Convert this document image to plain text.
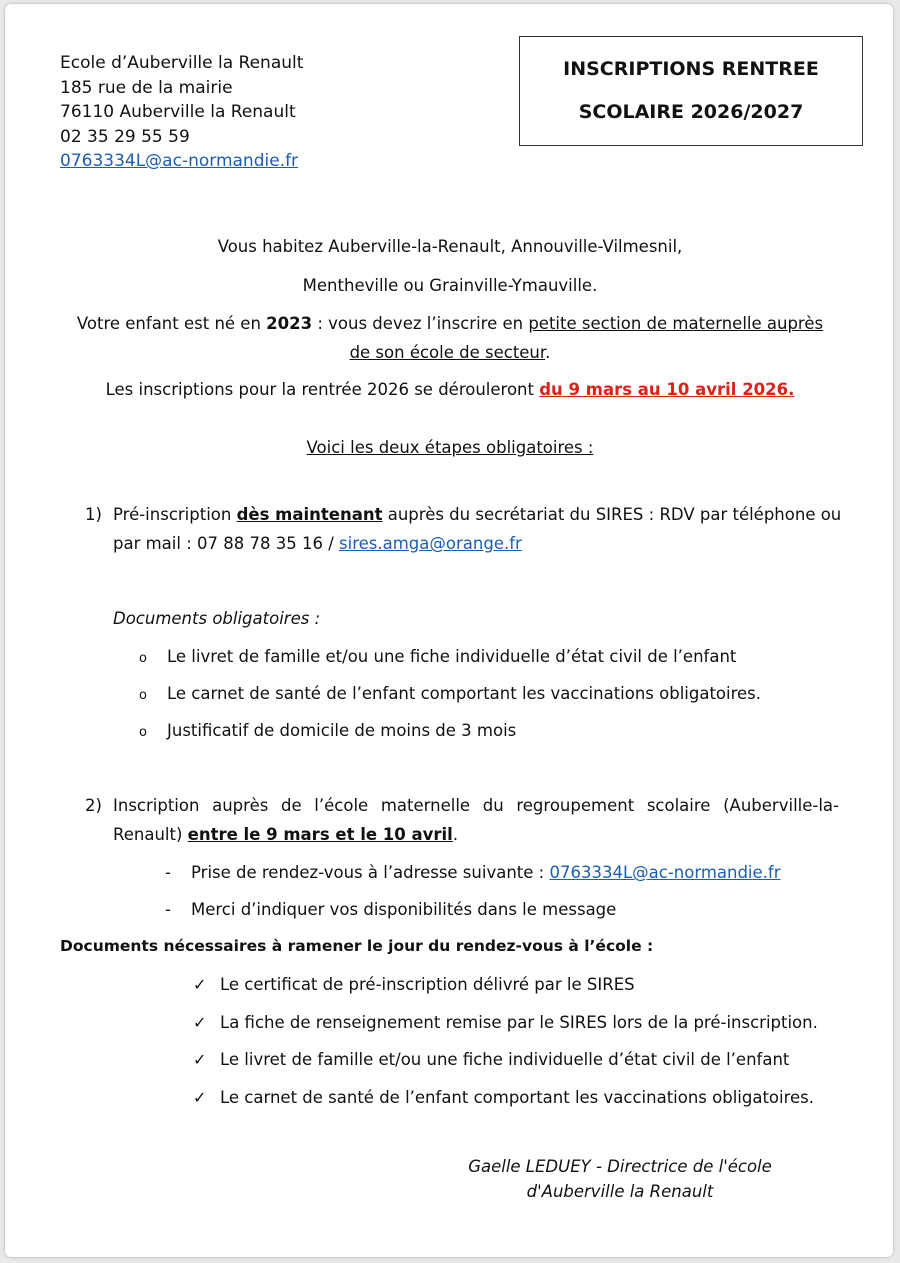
Ecole d’Auberville la Renault
185 rue de la mairie
76110 Auberville la Renault
02 35 29 55 59
0763334L@ac-normandie.fr
INSCRIPTIONS RENTREE
SCOLAIRE 2026/2027
Vous habitez Auberville-la-Renault, Annouville-Vilmesnil,
Mentheville ou Grainville-Ymauville.
Votre enfant est né en 2023 : vous devez l’inscrire en petite section de maternelle auprès
de son école de secteur.
Les inscriptions pour la rentrée 2026 se dérouleront du 9 mars au 10 avril 2026.
Voici les deux étapes obligatoires :
1) Pré-inscription dès maintenant auprès du secrétariat du SIRES : RDV par téléphone ou
par mail : 07 88 78 35 16 / sires.amga@orange.fr
Documents obligatoires :
o Le livret de famille et/ou une fiche individuelle d’état civil de l’enfant
o Le carnet de santé de l’enfant comportant les vaccinations obligatoires.
o Justificatif de domicile de moins de 3 mois
2) Inscription auprès de l’école maternelle du regroupement scolaire (Auberville-la-
Renault) entre le 9 mars et le 10 avril.
- Prise de rendez-vous à l’adresse suivante : 0763334L@ac-normandie.fr
- Merci d’indiquer vos disponibilités dans le message
Documents nécessaires à ramener le jour du rendez-vous à l’école :
✓ Le certificat de pré-inscription délivré par le SIRES
✓ La fiche de renseignement remise par le SIRES lors de la pré-inscription.
✓ Le livret de famille et/ou une fiche individuelle d’état civil de l’enfant
✓ Le carnet de santé de l’enfant comportant les vaccinations obligatoires.
Gaelle LEDUEY - Directrice de l'école
d'Auberville la Renault
